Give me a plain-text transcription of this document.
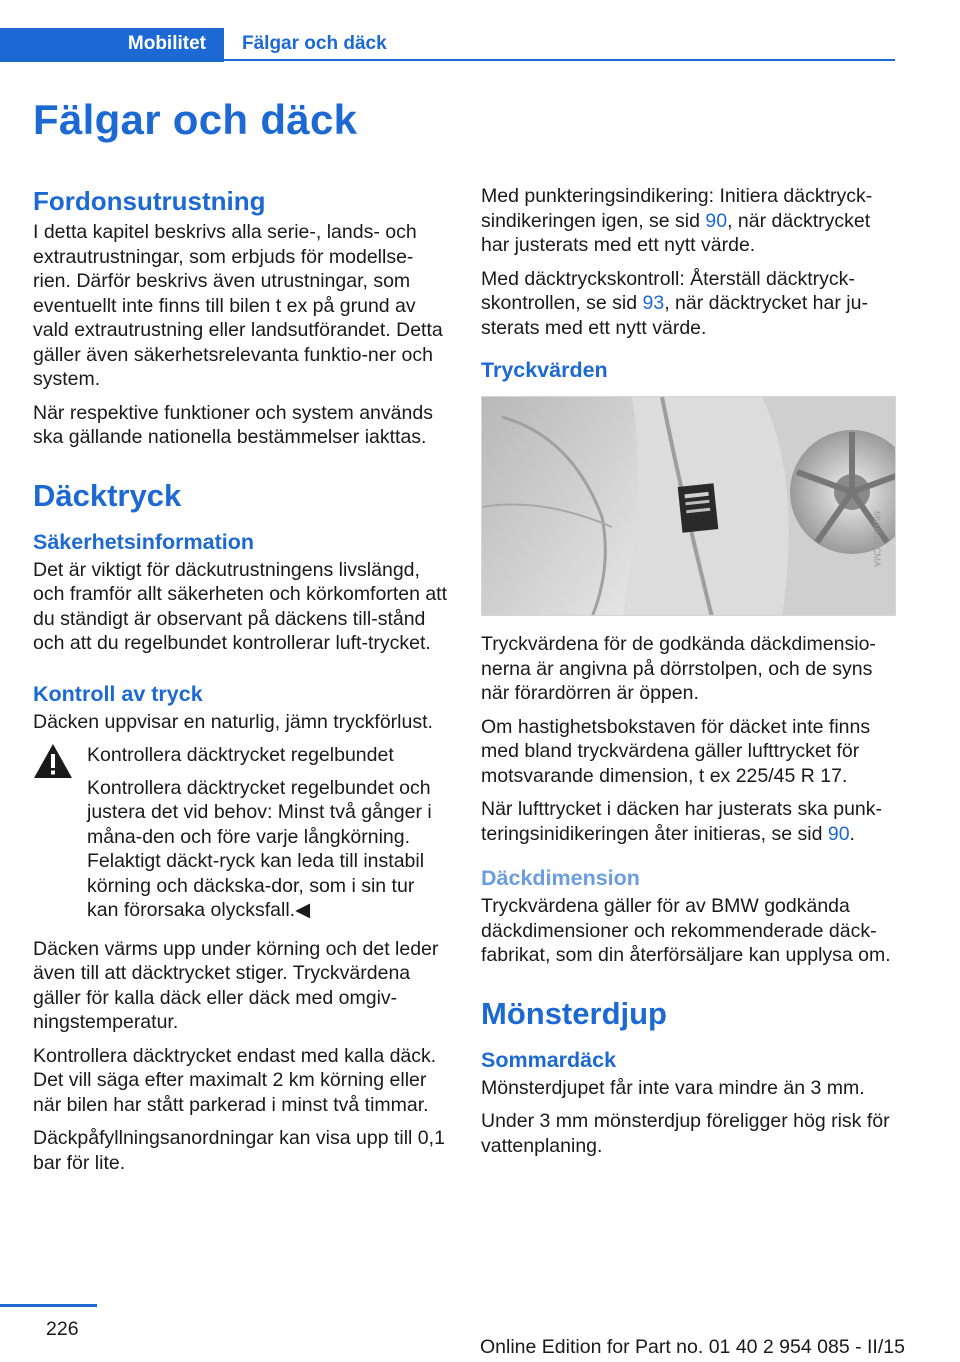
Mobilitet	Fälgar och däck
Fälgar och däck
Fordonsutrustning

I detta kapitel beskrivs alla serie-, lands- och extrautrustningar, som erbjuds för modellse-rien. Därför beskrivs även utrustningar, som eventuellt inte finns till bilen t ex på grund av vald extrautrustning eller landsutförandet. Detta gäller även säkerhetsrelevanta funktio-ner och system.

När respektive funktioner och system används ska gällande nationella bestämmelser iakttas.

Däcktryck
Säkerhetsinformation

Det är viktigt för däckutrustningens livslängd, och framför allt säkerheten och körkomforten att du ständigt är observant på däckens till-stånd och att du regelbundet kontrollerar luft-trycket.

Kontroll av tryck

Däcken uppvisar en naturlig, jämn tryckförlust.

Kontrollera däcktrycket regelbundet
Kontrollera däcktrycket regelbundet och justera det vid behov: Minst två gånger i måna-den och före varje långkörning. Felaktigt däckt-ryck kan leda till instabil körning och däckska-dor, som i sin tur kan förorsaka olycksfall.◀

Däcken värms upp under körning och det leder även till att däcktrycket stiger. Tryckvärdena gäller för kalla däck eller däck med omgiv-ningstemperatur.

Kontrollera däcktrycket endast med kalla däck. Det vill säga efter maximalt 2 km körning eller när bilen har stått parkerad i minst två timmar.

Däckpåfyllningsanordningar kan visa upp till 0,1 bar för lite.

Med punkteringsindikering: Initiera däcktryck-sindikeringen igen, se sid 90, när däcktrycket har justerats med ett nytt värde.

Med däcktryckskontroll: Återställ däcktryck-skontrollen, se sid 93, när däcktrycket har ju-sterats med ett nytt värde.

Tryckvärden
MV0519 CMA

Tryckvärdena för de godkända däckdimensio-nerna är angivna på dörrstolpen, och de syns när förardörren är öppen.

Om hastighetsbokstaven för däcket inte finns med bland tryckvärdena gäller lufttrycket för motsvarande dimension, t ex 225/45 R 17.

När lufttrycket i däcken har justerats ska punk-teringsinidikeringen åter initieras, se sid 90.

Däckdimension

Tryckvärdena gäller för av BMW godkända däckdimensioner och rekommenderade däck-fabrikat, som din återförsäljare kan upplysa om.

Mönsterdjup
Sommardäck

Mönsterdjupet får inte vara mindre än 3 mm.

Under 3 mm mönsterdjup föreligger hög risk för vattenplaning.

226
Online Edition for Part no. 01 40 2 954 085 - II/15
